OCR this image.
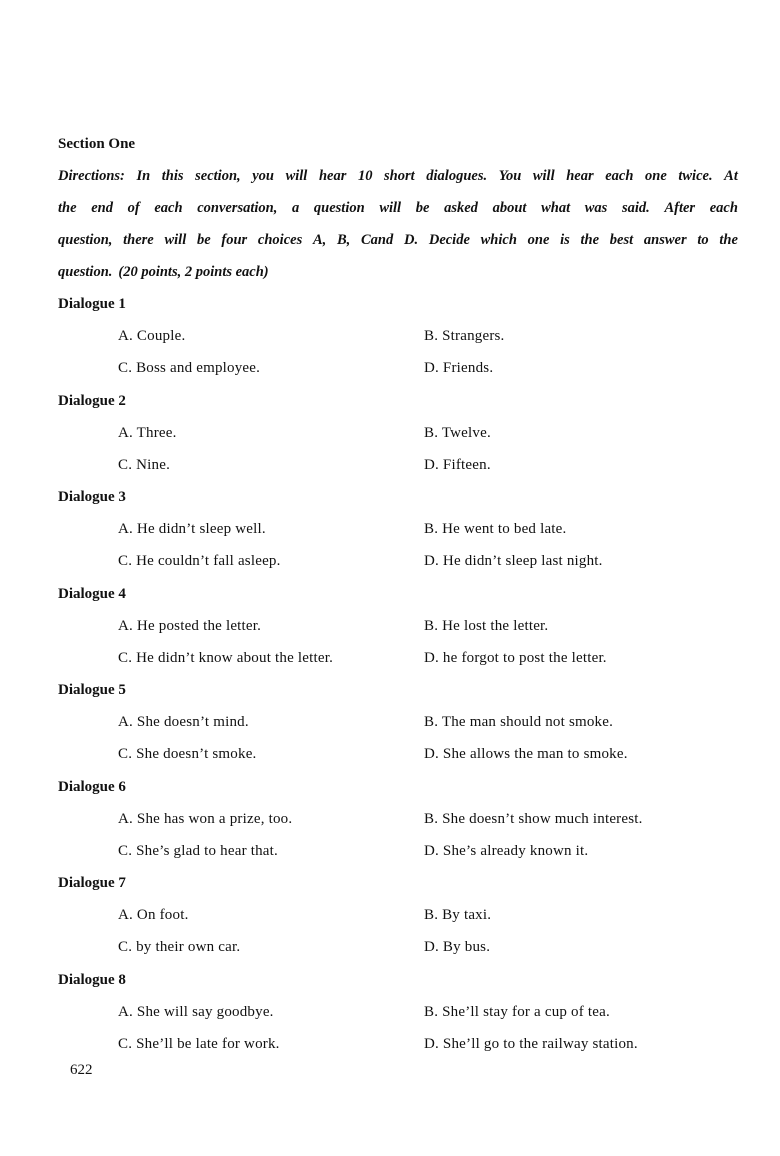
Section One
Directions: In this section, you will hear 10 short dialogues. You will hear each one twice. At
the end of each conversation, a question will be asked about what was said. After each
question, there will be four choices A, B, Cand D. Decide which one is the best answer to the
question. (20 points, 2 points each)
Dialogue 1
A. Couple.	B. Strangers.
C. Boss and employee.	D. Friends.
Dialogue 2
A. Three.	B. Twelve.
C. Nine.	D. Fifteen.
Dialogue 3
A. He didn’t sleep well.	B. He went to bed late.
C. He couldn’t fall asleep.	D. He didn’t sleep last night.
Dialogue 4
A. He posted the letter.	B. He lost the letter.
C. He didn’t know about the letter.	D. he forgot to post the letter.
Dialogue 5
A. She doesn’t mind.	B. The man should not smoke.
C. She doesn’t smoke.	D. She allows the man to smoke.
Dialogue 6
A. She has won a prize, too.	B. She doesn’t show much interest.
C. She’s glad to hear that.	D. She’s already known it.
Dialogue 7
A. On foot.	B. By taxi.
C. by their own car.	D. By bus.
Dialogue 8
A. She will say goodbye.	B. She’ll stay for a cup of tea.
C. She’ll be late for work.	D. She’ll go to the railway station.
622
